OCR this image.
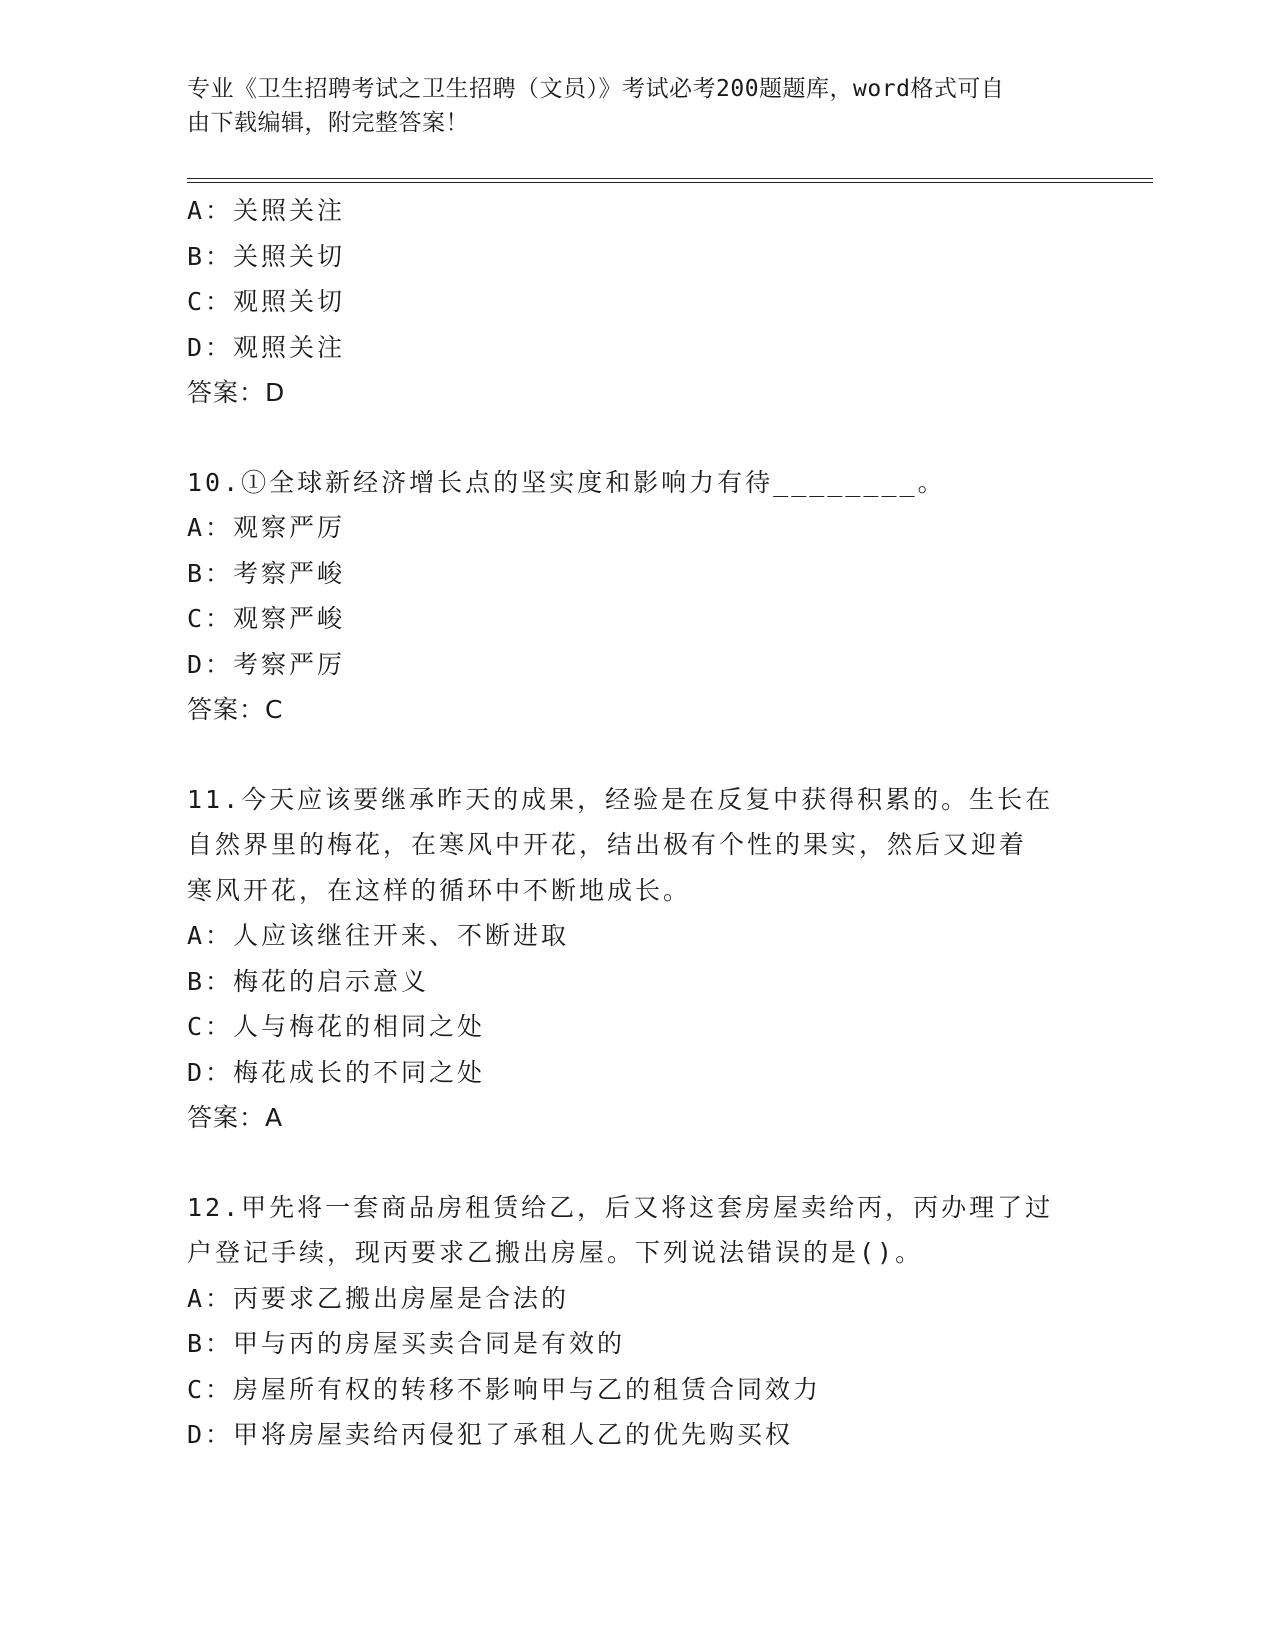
专业《卫生招聘考试之卫生招聘（文员）》考试必考200题题库，word格式可自
由下载编辑，附完整答案！
A：关照关注
B：关照关切
C：观照关切
D：观照关注
答案：D
10.①全球新经济增长点的坚实度和影响力有待________。
A：观察严厉
B：考察严峻
C：观察严峻
D：考察严厉
答案：C
11.今天应该要继承昨天的成果，经验是在反复中获得积累的。生长在
自然界里的梅花，在寒风中开花，结出极有个性的果实，然后又迎着
寒风开花，在这样的循环中不断地成长。
A：人应该继往开来、不断进取
B：梅花的启示意义
C：人与梅花的相同之处
D：梅花成长的不同之处
答案：A
12.甲先将一套商品房租赁给乙，后又将这套房屋卖给丙，丙办理了过
户登记手续，现丙要求乙搬出房屋。下列说法错误的是()。
A：丙要求乙搬出房屋是合法的
B：甲与丙的房屋买卖合同是有效的
C：房屋所有权的转移不影响甲与乙的租赁合同效力
D：甲将房屋卖给丙侵犯了承租人乙的优先购买权
